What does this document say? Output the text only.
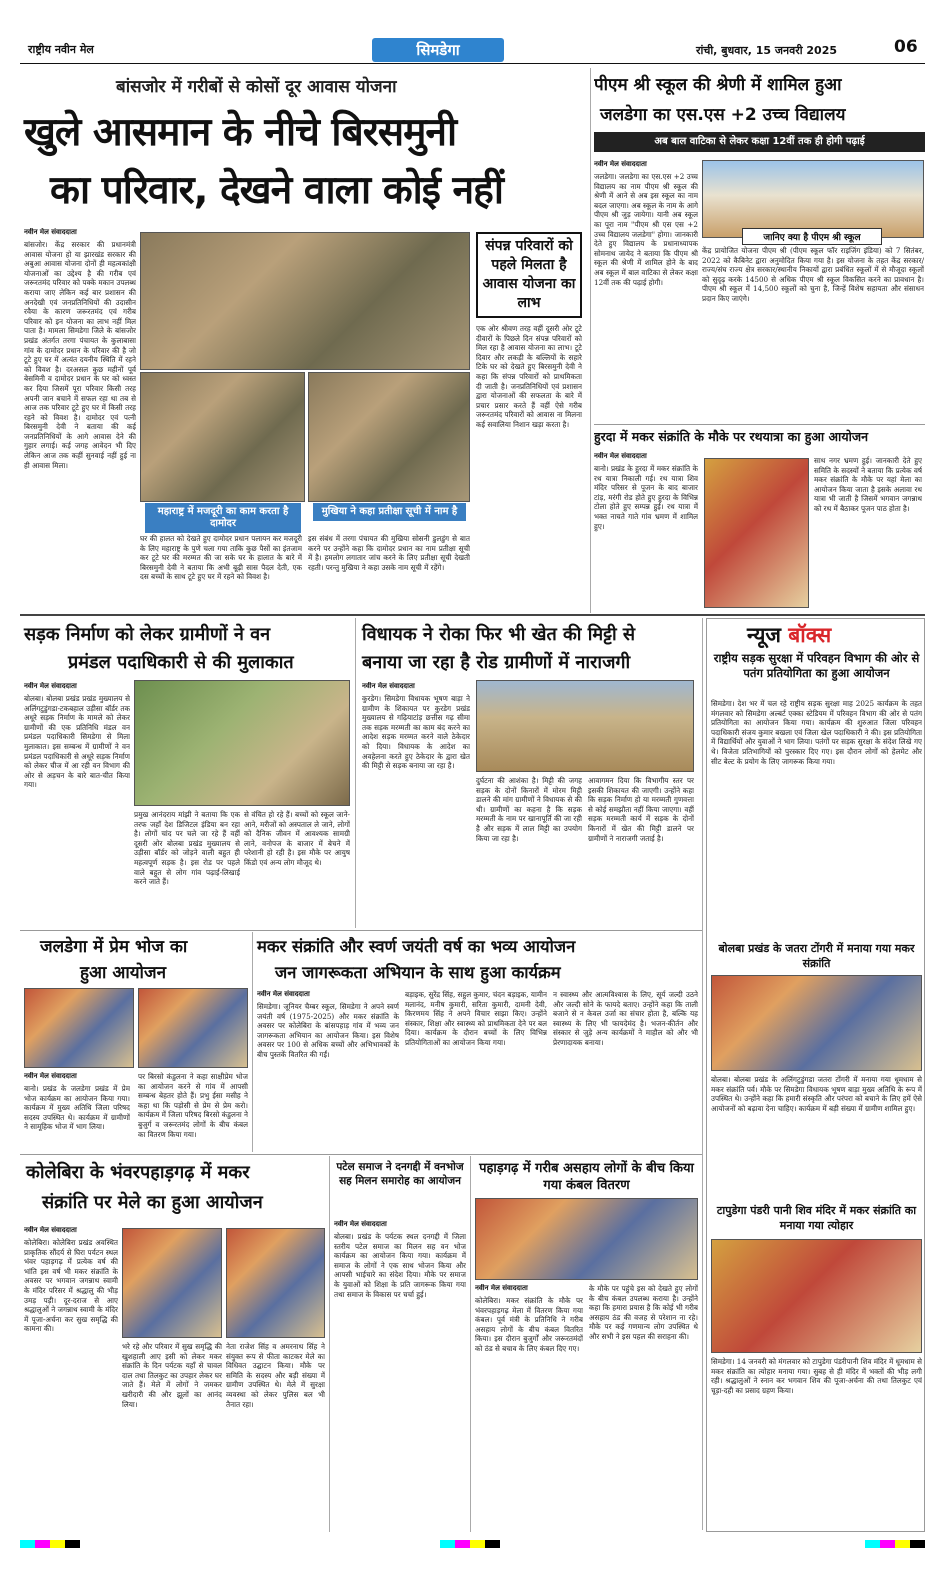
राष्ट्रीय नवीन मेल	सिमडेगा	रांची, बुधवार, 15 जनवरी 2025	06
बांसजोर में गरीबों से कोसों दूर आवास योजना
खुले आसमान के नीचे बिरसमुनी
का परिवार, देखने वाला कोई नहीं
नवीन मेल संवाददाता
बांसजोर। केंद्र सरकार की प्रधानमंत्री आवास योजना हो या झारखंड सरकार की अबुआ आवास योजना दोनों ही महत्वकांक्षी योजनाओं का उद्देश्य है की गरीब एवं जरूरतमंद परिवार को पक्के मकान उपलब्ध कराया जाए लेकिन कई बार प्रशासन की अनदेखी एवं जनप्रतिनिधियों की उदासीन रवैया के कारण जरूरतमंद एवं गरीब परिवार को इन योजना का लाभ नहीं मिल पाता है। मामला सिमडेगा जिले के बांसजोर प्रखंड अंतर्गत तरगा पंचायत के कुलाबासा गांव के दामोदर प्रधान के परिवार की है जो टूटे हुए घर में अत्यंत दयनीय स्थिति में रहने को विवश है। दरअसल कुछ महीनों पूर्व बेसमिनी व दामोदर प्रधान के घर को ध्वस्त कर दिया जिसमें पूरा परिवार किसी तरह अपनी जान बचाने में सफल रहा था तब से आज तक परिवार टूटे हुए घर में किसी तरह रहने को विवश है। दामोदर एवं पत्नी बिरसमुनी देवी ने बताया की कई जनप्रतिनिधियों के आगे आवास देने की गुहार लगाई। कई जगह आवेदन भी दिए लेकिन आज तक कहीं सुनवाई नहीं हुई ना ही आवास मिला।
महाराष्ट्र में मजदूरी का काम करता है दामोदर
मुखिया ने कहा प्रतीक्षा सूची में नाम है
घर की हालत को देखते हुए दामोदर प्रधान पलायन कर मजदूरी के लिए महाराष्ट्र के पुणे चला गया ताकि कुछ पैसों का इंतजाम कर टूटे घर की मरम्मत की जा सके घर के हालात के बारे में बिरसमुनी देवी ने बताया कि अभी बूढ़ी सास पैदल देती, एक दस बच्चों के साथ टूटे हुए घर में रहने को विवश है।
इस संबंध में तरगा पंचायत की मुखिया सोसनी डुलडुंग से बात करने पर उन्होंने कहा कि दामोदर प्रधान का नाम प्रतीक्षा सूची में है। हमलोग लगातार जांच करने के लिए प्रतीक्षा सूची देखती रहती। परन्तु मुखिया ने कहा उसके नाम सूची में रहेंगे।
संपन्न परिवारों को पहले मिलता है आवास योजना का लाभ
एक ओर श्रीवण तरह वहीं दूसरी ओर टूटे दीवारों के पिछले दिन संपन्न परिवारों को मिल रहा है आवास योजना का लाभ। टूटे दिवार और लकड़ी के बल्लियों के सहारे टिके घर को देखते हुए बिरसमुनी देवी ने कहा कि संपन्न परिवारों को प्राथमिकता दी जाती है। जनप्रतिनिधियों एवं प्रशासन द्वारा योजनाओं की सफलता के बारे में प्रचार प्रसार करते हैं वहीं ऐसे गरीब जरूरतमंद परिवारों को आवास ना मिलना कई सवालिया निशान खड़ा करता है।
पीएम श्री स्कूल की श्रेणी में शामिल हुआ
जलडेगा का एस.एस +2 उच्च विद्यालय
अब बाल वाटिका से लेकर कक्षा 12वीं तक ही होगी पढ़ाई
नवीन मेल संवाददाता
जलडेगा। जलडेगा का एस.एस +2 उच्च विद्यालय का नाम पीएम श्री स्कूल की श्रेणी में आने से अब इस स्कूल का नाम बदल जाएगा। अब स्कूल के नाम के आगे पीएम श्री जुड़ जायेगा। यानी अब स्कूल का पूरा नाम "पीएम श्री एस एस +2 उच्च विद्यालय जलडेगा" होगा। जानकारी देते हुए विद्यालय के प्रधानाध्यापक सोमनाथ जायेद ने बताया कि पीएम श्री स्कूल की श्रेणी में शामिल होने के बाद अब स्कूल में बाल वाटिका से लेकर कक्षा 12वीं तक की पढ़ाई होगी।
जानिए क्या है पीएम श्री स्कूल
केंद्र प्रायोजित योजना पीएम श्री (पीएम स्कूल फॉर राइजिंग इंडिया) को 7 सितंबर, 2022 को कैबिनेट द्वारा अनुमोदित किया गया है। इस योजना के तहत केंद्र सरकार/राज्य/संघ राज्य क्षेत्र सरकार/स्थानीय निकायों द्वारा प्रबंधित स्कूलों में से मौजूदा स्कूलों को सुदृढ़ करके 14500 से अधिक पीएम श्री स्कूल विकसित करने का प्रावधान है। पीएम श्री स्कूल में 14,500 स्कूलों को चुना है, जिन्हें विशेष सहायता और संसाधन प्रदान किए जाएंगे।
हुरदा में मकर संक्रांति के मौके पर रथयात्रा का हुआ आयोजन
नवीन मेल संवाददाता
बानो। प्रखंड के हुरदा में मकर संक्रांति के रथ यात्रा निकाली गई। रथ यात्रा शिव मंदिर परिसर से पूजन के बाद बाजार टांड़, मरंगी रोड होते हुए हुरदा के विभिन्न टोला होते हुए सम्पन्न हुई। रथ यात्रा में भक्त नाचते गाते गांव भ्रमण में शामिल हुए।
साथ नगर भ्रमण हुई। जानकारी देते हुए समिति के सदस्यों ने बताया कि प्रत्येक वर्ष मकर संक्रांति के मौके पर यहां मेला का आयोजन किया जाता है इसके अलावा रथ यात्रा भी जाती है जिसमें भगवान जगन्नाथ को रथ में बैठाकर पूजन पाठ होता है।
सड़क निर्माण को लेकर ग्रामीणों ने वन
प्रमंडल पदाधिकारी से की मुलाकात
नवीन मेल संवाददाता
बोलबा। बोलबा प्रखंड प्रखंड मुख्यालय से अलिंगटुडुंगडा-टकबहाल उड़ीसा बॉर्डर तक अधूरे सड़क निर्माण के मामले को लेकर ग्रामीणों की एक प्रतिनिधि मंडल वन प्रमंडल पदाधिकारी सिमडेगा से मिला मुलाकात। इस सम्बन्ध में ग्रामीणों ने वन प्रमंडल पदाधिकारी से अधूरे सड़क निर्माण को लेकर चीज में आ रही वन विभाग की ओर से अड़चन के बारे बात-चीत किया गया।
प्रमुख आनंदराय मांझी ने बताया कि एक तरफ जहाँ देश डिजिटल इंडिया बन रहा है। लोगों चांद पर चले जा रहे हैं वहीं दूसरी ओर बोलबा प्रखंड मुख्यालय से उड़ीसा बॉर्डर को जोड़ने वाली बहुत ही महत्वपूर्ण सड़क है। इस रोड पर पहले वाले बहुत से लोग गांव पढ़ाई-लिखाई करने जाते हैं।
से वंचित हो रहे हैं। बच्चों को स्कूल जाने-आने, मरीजों को अस्पताल ले जाने, लोगों को दैनिक जीवन में आवश्यक सामग्री लाने, वनोपज के बाजार में बेचने में परेशानी हो रही है। इस मौके पर आयुष किंडो एवं अन्य लोग मौजूद थे।
विधायक ने रोका फिर भी खेत की मिट्टी से
बनाया जा रहा है रोड ग्रामीणों में नाराजगी
नवीन मेल संवाददाता
कुरडेग। सिमडेगा विधायक भूषण बाड़ा ने ग्रामीण के शिकायत पर कुरडेग प्रखंड मुख्यालय से गढ़ियाटांड़ छत्तीस गढ़ सीमा तक सड़क मरम्मती का काम बंद करने का आदेश सड़क मरम्मत करने वाले ठेकेदार को दिया। विधायक के आदेश का अवहेलना करते हुए ठेकेदार के द्वारा खेत की मिट्टी से सड़क बनाया जा रहा है।
दुर्घटना की आशंका है। मिट्टी की जगह सड़क के दोनों किनारों में मोरम मिट्टी डालने की मांग ग्रामीणों ने विधायक से की थी। ग्रामीणों का कहना है कि सड़क मरम्मती के नाम पर खानापूर्ति की जा रही है और सड़क में लाल मिट्टी का उपयोग किया जा रहा है।
आवागमन दिया कि विभागीय स्तर पर इसकी शिकायत की जाएगी। उन्होंने कहा कि सड़क निर्माण हो या मरम्मती गुणवत्ता से कोई समझौता नहीं किया जाएगा। वहीं सड़क मरम्मती कार्य में सड़क के दोनों किनारों में खेत की मिट्टी डालने पर ग्रामीणों ने नाराजगी जताई है।
न्यूज बॉक्स
राष्ट्रीय सड़क सुरक्षा में परिवहन विभाग की ओर से पतंग प्रतियोगिता का हुआ आयोजन
सिमडेगा। देश भर में चल रहे राष्ट्रीय सड़क सुरक्षा माह 2025 कार्यक्रम के तहत मंगलवार को सिमडेगा अल्बर्ट एक्का स्टेडियम में परिवहन विभाग की ओर से पतंग प्रतियोगिता का आयोजन किया गया। कार्यक्रम की शुरुआत जिला परिवहन पदाधिकारी संजय कुमार बखला एवं जिला खेल पदाधिकारी ने की। इस प्रतियोगिता में विद्यार्थियों और युवाओं ने भाग लिया। पतंगों पर सड़क सुरक्षा के संदेश लिखे गए थे। विजेता प्रतिभागियों को पुरस्कार दिए गए। इस दौरान लोगों को हेलमेट और सीट बेल्ट के प्रयोग के लिए जागरूक किया गया।
बोलबा प्रखंड के जतरा टोंगरी में मनाया गया मकर संक्रांति
बोलबा। बोलबा प्रखंड के अलिंगटुडुंगडा जतरा टोंगरी में मनाया गया धूमधाम से मकर संक्रांति पर्व। मौके पर सिमडेगा विधायक भूषण बाड़ा मुख्य अतिथि के रूप में उपस्थित थे। उन्होंने कहा कि हमारी संस्कृति और परंपरा को बचाने के लिए हमें ऐसे आयोजनों को बढ़ावा देना चाहिए। कार्यक्रम में बड़ी संख्या में ग्रामीण शामिल हुए।
टापुडेगा पंडरी पानी शिव मंदिर में मकर संक्रांति का मनाया गया त्योहार
सिमडेगा। 14 जनवरी को मंगलवार को टापुडेगा पंडरीपानी शिव मंदिर में धूमधाम से मकर संक्रांति का त्योहार मनाया गया। सुबह से ही मंदिर में भक्तों की भीड़ लगी रही। श्रद्धालुओं ने स्नान कर भगवान शिव की पूजा-अर्चना की तथा तिलकुट एवं चूड़ा-दही का प्रसाद ग्रहण किया।
जलडेगा में प्रेम भोज का
हुआ आयोजन
नवीन मेल संवाददाता
बानो। प्रखंड के जलडेगा प्रखंड में प्रेम भोज कार्यक्रम का आयोजन किया गया। कार्यक्रम में मुख्य अतिथि जिला परिषद सदस्य उपस्थित थे। कार्यक्रम में ग्रामीणों ने सामूहिक भोज में भाग लिया।
पर बिरसो कंडुलना ने कहा साक्षीप्रेम भोज का आयोजन करने से गांव में आपसी सम्बन्ध बेहतर होते हैं। प्रभु ईसा मसीह ने कहा था कि पड़ोसी से प्रेम से प्रेम करो। कार्यक्रम में जिला परिषद बिरसो कंडुलना ने बुजुर्ग व जरूरतमंद लोगों के बीच कंबल का वितरण किया गया।
मकर संक्रांति और स्वर्ण जयंती वर्ष का भव्य आयोजन
जन जागरूकता अभियान के साथ हुआ कार्यक्रम
नवीन मेल संवाददाता
सिमडेगा। जूनियर चैम्बर स्कूल, सिमडेगा ने अपने स्वर्ण जयंती वर्ष (1975-2025) और मकर संक्रांति के अवसर पर कोलेबिरा के बांसपहाड़ गांव में भव्य जन जागरूकता अभियान का आयोजन किया। इस विशेष अवसर पर 100 से अधिक बच्चों और अभिभावकों के बीच पुस्तकें वितरित की गईं।
बड़ाइक, सुरेंद्र सिंह, सहुल कुमार, चंदन बड़ाइक, यामीन मलानंद, मनीष कुमारी, सरिता कुमारी, दामनी देवी, किरणमय सिंह ने अपने विचार साझा किए। उन्होंने संस्कार, शिक्षा और स्वास्थ्य को प्राथमिकता देने पर बल दिया। कार्यक्रम के दौरान बच्चों के लिए विभिन्न प्रतियोगिताओं का आयोजन किया गया।
न स्वास्थ्य और आत्मविश्वास के लिए, सूर्य जल्दी उठने और जल्दी सोने के फायदे बताए। उन्होंने कहा कि ताली बजाने से न केवल उर्जा का संचार होता है, बल्कि यह स्वास्थ्य के लिए भी फायदेमंद है। भजन-कीर्तन और संस्कार से जुड़े अन्य कार्यक्रमों ने माहौल को और भी प्रेरणादायक बनाया।
कोलेबिरा के भंवरपहाड़गढ़ में मकर
संक्रांति पर मेले का हुआ आयोजन
नवीन मेल संवाददाता
कोलेबिरा। कोलेबिरा प्रखंड अवस्थित प्राकृतिक सौंदर्य से घिरा पर्यटन स्थल भंवर पहाड़गढ़ में प्रत्येक वर्ष की भांति इस वर्ष भी मकर संक्रांति के अवसर पर भगवान जगन्नाथ स्वामी के मंदिर परिसर में श्रद्धालु की भीड़ उमड़ पड़ी। दूर-दराज से आए श्रद्धालुओं ने जगन्नाथ स्वामी के मंदिर में पूजा-अर्चना कर सुख समृद्धि की कामना की।
भरे रहे और परिवार में सुख समृद्धि की खुशहाली आए इसी को लेकर मकर संक्रांति के दिन पर्यटक यहाँ से चावल दाल तथा तिलकुट का उपहार लेकर घर जाते हैं। मेले में लोगों ने जमकर खरीदारी की और झूलों का आनंद लिया।
नेता राजेश सिंह व अमरनाथ सिंह ने संयुक्त रूप से फीता काटकर मेले का विधिवत उद्घाटन किया। मौके पर समिति के सदस्य और बड़ी संख्या में ग्रामीण उपस्थित थे। मेले में सुरक्षा व्यवस्था को लेकर पुलिस बल भी तैनात रहा।
पटेल समाज ने दनगद्दी में वनभोज सह मिलन समारोह का आयोजन
नवीन मेल संवाददाता
बोलबा। प्रखंड के पर्यटक स्थल दनगद्दी में जिला स्तरीय पटेल समाज का मिलन सह वन भोज कार्यक्रम का आयोजन किया गया। कार्यक्रम में समाज के लोगों ने एक साथ भोजन किया और आपसी भाईचारे का संदेश दिया। मौके पर समाज के युवाओं को शिक्षा के प्रति जागरूक किया गया तथा समाज के विकास पर चर्चा हुई।
पहाड़गढ़ में गरीब असहाय लोगों के बीच किया गया कंबल वितरण
नवीन मेल संवाददाता
कोलेबिरा। मकर संक्रांति के मौके पर भंवरपहाड़गढ़ मेला में वितरण किया गया कंबल। पूर्व मंत्री के प्रतिनिधि ने गरीब असहाय लोगों के बीच कंबल वितरित किया। इस दौरान बुजुर्गों और जरूरतमंदों को ठंड से बचाव के लिए कंबल दिए गए।
के मौके पर पहुंचे इस को देखते हुए लोगों के बीच कंबल उपलब्ध कराया है। उन्होंने कहा कि हमारा प्रयास है कि कोई भी गरीब असहाय ठंड की वजह से परेशान ना रहे। मौके पर कई गणमान्य लोग उपस्थित थे और सभी ने इस पहल की सराहना की।
